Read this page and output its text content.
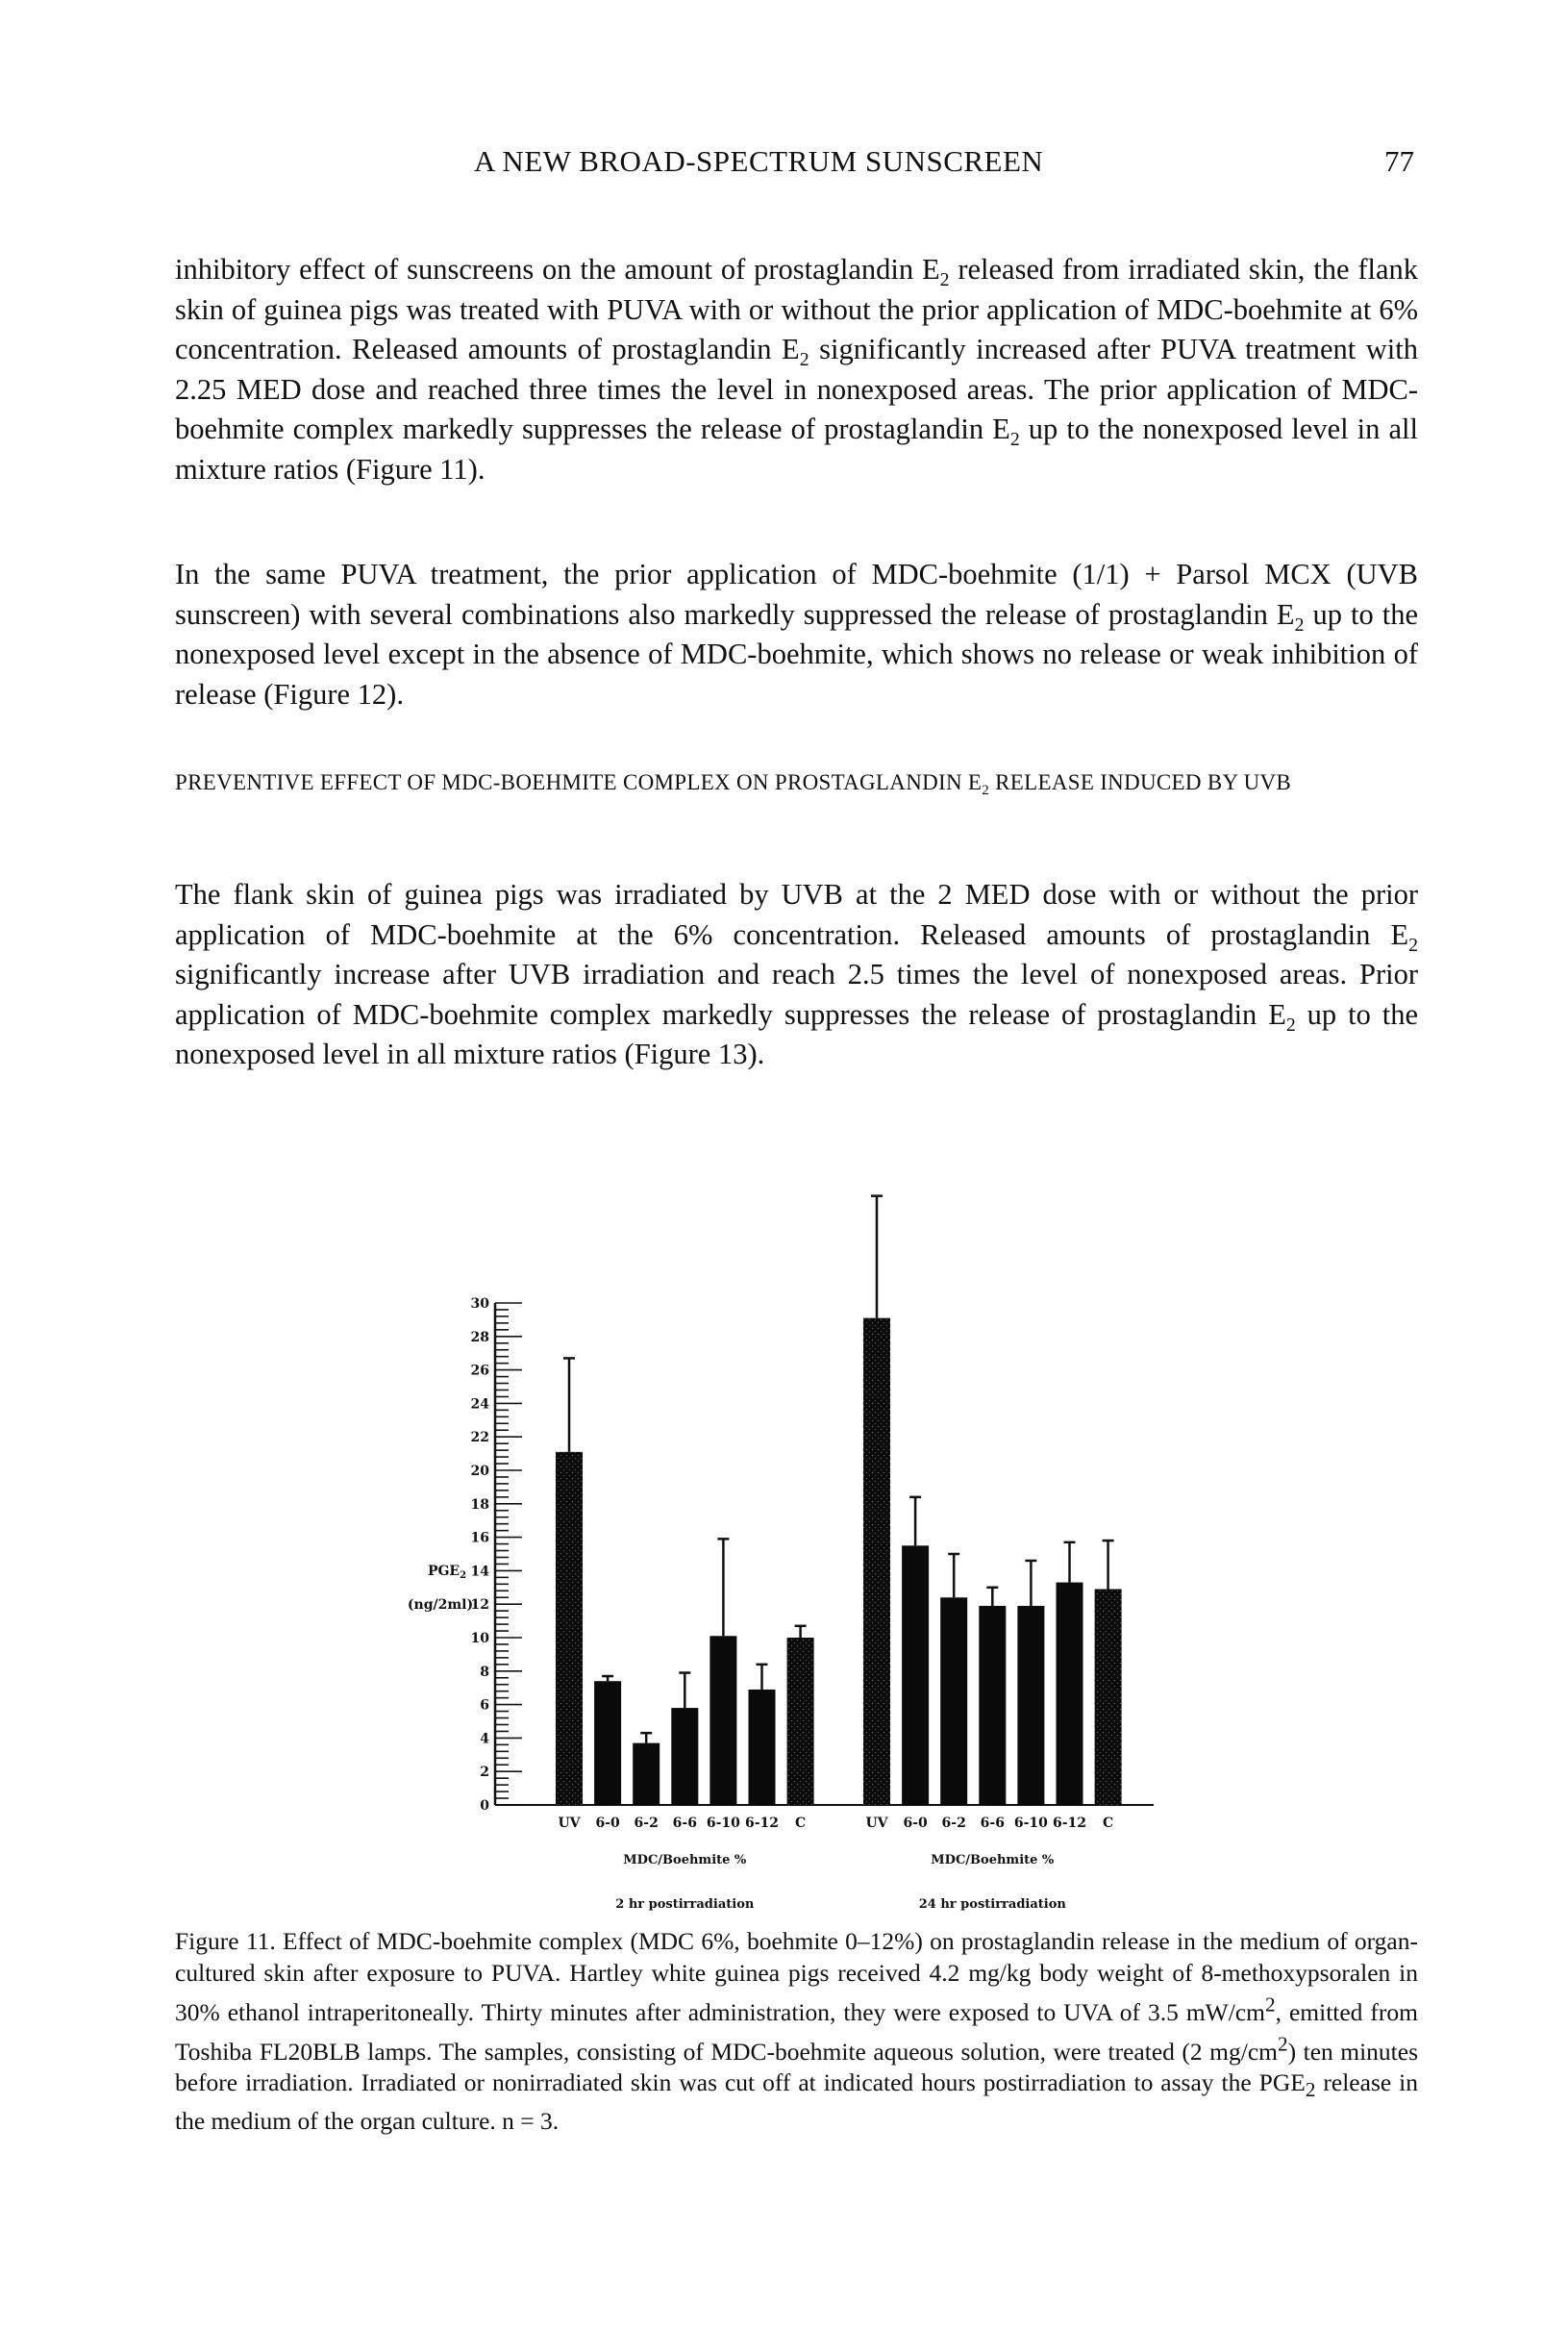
A NEW BROAD-SPECTRUM SUNSCREEN	77

inhibitory effect of sunscreens on the amount of prostaglandin $E_2$ released from irradiated skin, the flank skin of guinea pigs was treated with PUVA with or without the prior application of MDC-boehmite at 6% concentration. Released amounts of prostaglandin $E_2$ significantly increased after PUVA treatment with 2.25 MED dose and reached three times the level in nonexposed areas. The prior application of MDC-boehmite complex markedly suppresses the release of prostaglandin $E_2$ up to the nonexposed level in all mixture ratios (Figure 11).

In the same PUVA treatment, the prior application of MDC-boehmite (1/1) + Parsol MCX (UVB sunscreen) with several combinations also markedly suppressed the release of prostaglandin $E_2$ up to the nonexposed level except in the absence of MDC-boehmite, which shows no release or weak inhibition of release (Figure 12).

PREVENTIVE EFFECT OF MDC-BOEHMITE COMPLEX ON PROSTAGLANDIN $E_2$ RELEASE INDUCED BY UVB

The flank skin of guinea pigs was irradiated by UVB at the 2 MED dose with or without the prior application of MDC-boehmite at the 6% concentration. Released amounts of prostaglandin $E_2$ significantly increase after UVB irradiation and reach 2.5 times the level of nonexposed areas. Prior application of MDC-boehmite complex markedly suppresses the release of prostaglandin $E_2$ up to the nonexposed level in all mixture ratios (Figure 13).

0
2
4
6
8
10
12
14
16
18
20
22
24
26
28
30
$PGE_2$
(ng/2ml)
UV 6-0 6-2 6-6 6-10 6-12 C
MDC/Boehmite %
2 hr postirradiation
UV 6-0 6-2 6-6 6-10 6-12 C
MDC/Boehmite %
24 hr postirradiation

Figure 11. Effect of MDC-boehmite complex (MDC 6%, boehmite 0–12%) on prostaglandin release in the medium of organ-cultured skin after exposure to PUVA. Hartley white guinea pigs received 4.2 mg/kg body weight of 8-methoxypsoralen in 30% ethanol intraperitoneally. Thirty minutes after administration, they were exposed to UVA of 3.5 $mW/cm^2$, emitted from Toshiba FL20BLB lamps. The samples, consisting of MDC-boehmite aqueous solution, were treated (2 $mg/cm^2$) ten minutes before irradiation. Irradiated or nonirradiated skin was cut off at indicated hours postirradiation to assay the $PGE_2$ release in the medium of the organ culture. n = 3.
